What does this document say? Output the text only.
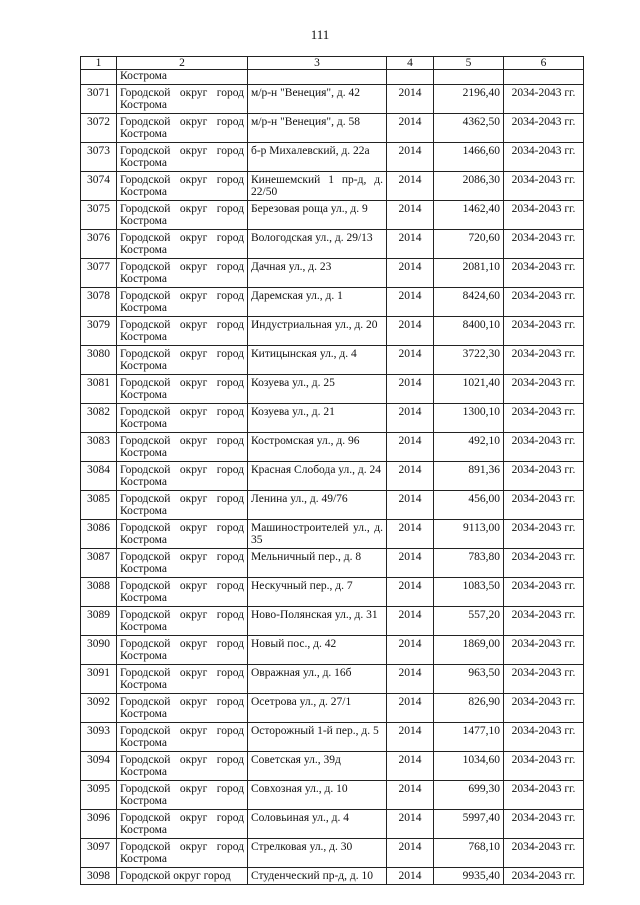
111
1	2	3	4	5	6
	Кострома				
3071	Городской округ город Кострома	м/р-н "Венеция", д. 42	2014	2196,40	2034-2043 гг.
3072	Городской округ город Кострома	м/р-н "Венеция", д. 58	2014	4362,50	2034-2043 гг.
3073	Городской округ город Кострома	б-р Михалевский, д. 22а	2014	1466,60	2034-2043 гг.
3074	Городской округ город Кострома	Кинешемский 1 пр-д, д. 22/50	2014	2086,30	2034-2043 гг.
3075	Городской округ город Кострома	Березовая роща ул., д. 9	2014	1462,40	2034-2043 гг.
3076	Городской округ город Кострома	Вологодская ул., д. 29/13	2014	720,60	2034-2043 гг.
3077	Городской округ город Кострома	Дачная ул., д. 23	2014	2081,10	2034-2043 гг.
3078	Городской округ город Кострома	Даремская ул., д. 1	2014	8424,60	2034-2043 гг.
3079	Городской округ город Кострома	Индустриальная ул., д. 20	2014	8400,10	2034-2043 гг.
3080	Городской округ город Кострома	Китицынская ул., д. 4	2014	3722,30	2034-2043 гг.
3081	Городской округ город Кострома	Козуева ул., д. 25	2014	1021,40	2034-2043 гг.
3082	Городской округ город Кострома	Козуева ул., д. 21	2014	1300,10	2034-2043 гг.
3083	Городской округ город Кострома	Костромская ул., д. 96	2014	492,10	2034-2043 гг.
3084	Городской округ город Кострома	Красная Слобода ул., д. 24	2014	891,36	2034-2043 гг.
3085	Городской округ город Кострома	Ленина ул., д. 49/76	2014	456,00	2034-2043 гг.
3086	Городской округ город Кострома	Машиностроителей ул., д. 35	2014	9113,00	2034-2043 гг.
3087	Городской округ город Кострома	Мельничный пер., д. 8	2014	783,80	2034-2043 гг.
3088	Городской округ город Кострома	Нескучный пер., д. 7	2014	1083,50	2034-2043 гг.
3089	Городской округ город Кострома	Ново-Полянская ул., д. 31	2014	557,20	2034-2043 гг.
3090	Городской округ город Кострома	Новый пос., д. 42	2014	1869,00	2034-2043 гг.
3091	Городской округ город Кострома	Овражная ул., д. 16б	2014	963,50	2034-2043 гг.
3092	Городской округ город Кострома	Осетрова ул., д. 27/1	2014	826,90	2034-2043 гг.
3093	Городской округ город Кострома	Осторожный 1-й пер., д. 5	2014	1477,10	2034-2043 гг.
3094	Городской округ город Кострома	Советская ул., 39д	2014	1034,60	2034-2043 гг.
3095	Городской округ город Кострома	Совхозная ул., д. 10	2014	699,30	2034-2043 гг.
3096	Городской округ город Кострома	Соловьиная ул., д. 4	2014	5997,40	2034-2043 гг.
3097	Городской округ город Кострома	Стрелковая ул., д. 30	2014	768,10	2034-2043 гг.
3098	Городской округ город	Студенческий пр-д, д. 10	2014	9935,40	2034-2043 гг.
